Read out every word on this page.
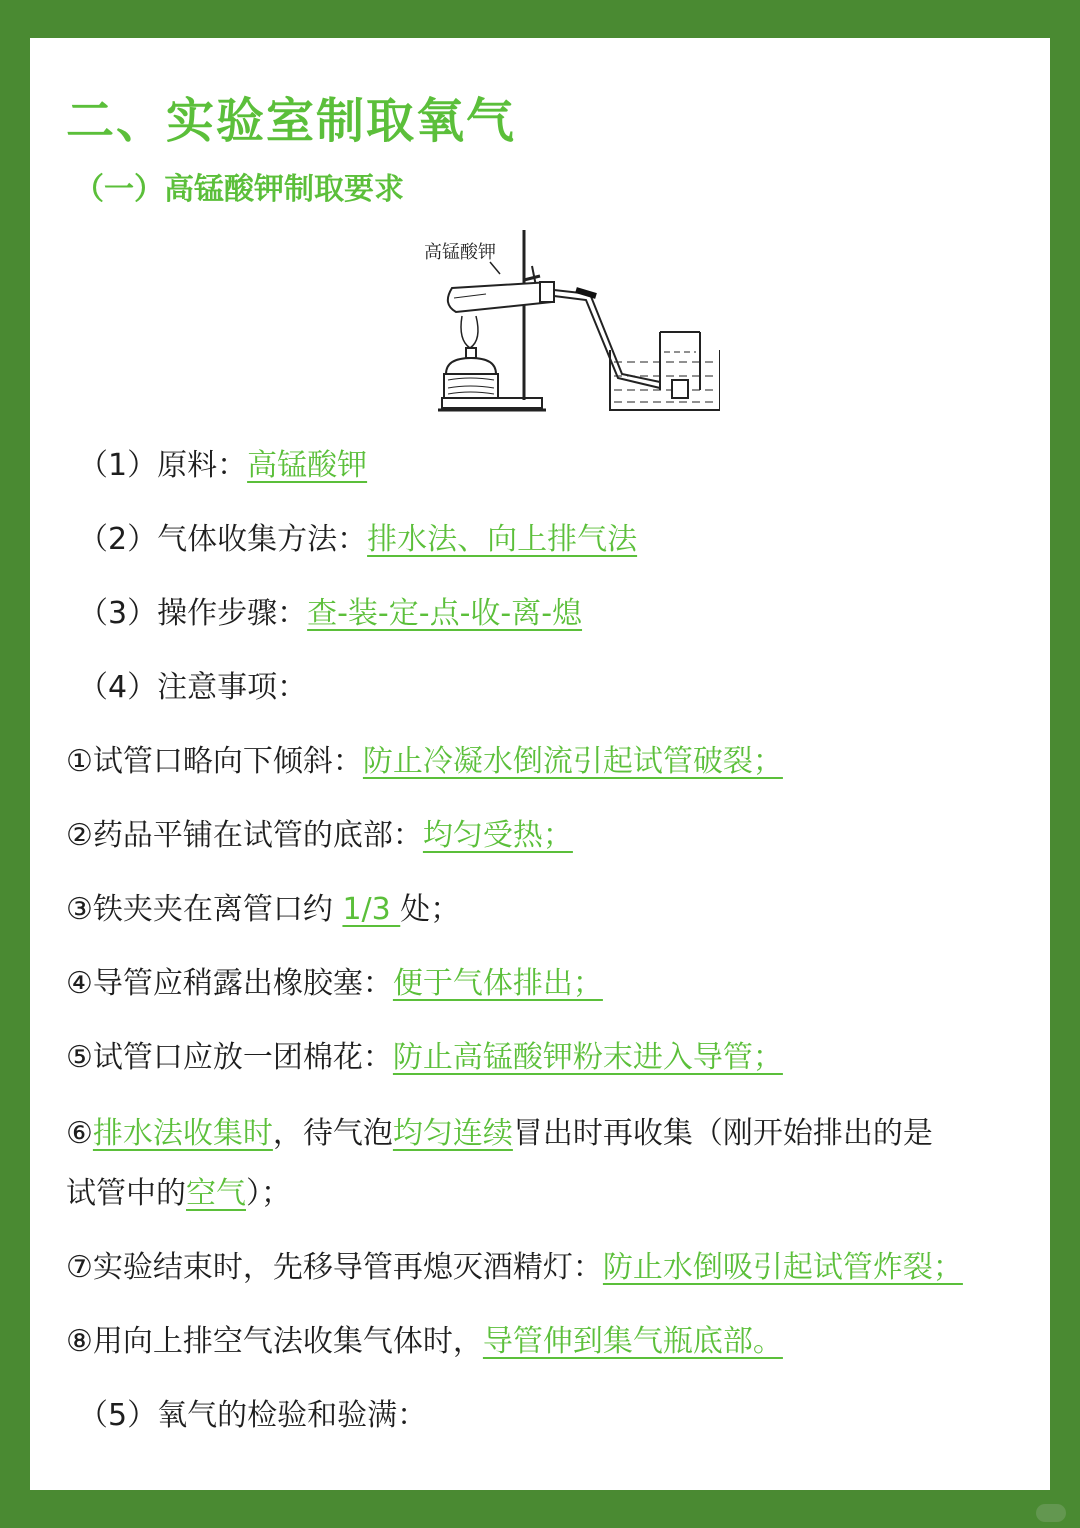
二、实验室制取氧气
（一）高锰酸钾制取要求
高锰酸钾
（1）原料：高锰酸钾
（2）气体收集方法：排水法、向上排气法
（3）操作步骤：查-装-定-点-收-离-熄
（4）注意事项：
①试管口略向下倾斜：防止冷凝水倒流引起试管破裂；
②药品平铺在试管的底部：均匀受热；
③铁夹夹在离管口约 1/3 处；
④导管应稍露出橡胶塞：便于气体排出；
⑤试管口应放一团棉花：防止高锰酸钾粉末进入导管；
⑥排水法收集时，待气泡均匀连续冒出时再收集（刚开始排出的是
试管中的空气）；
⑦实验结束时，先移导管再熄灭酒精灯：防止水倒吸引起试管炸裂；
⑧用向上排空气法收集气体时，导管伸到集气瓶底部。
（5）氧气的检验和验满：
